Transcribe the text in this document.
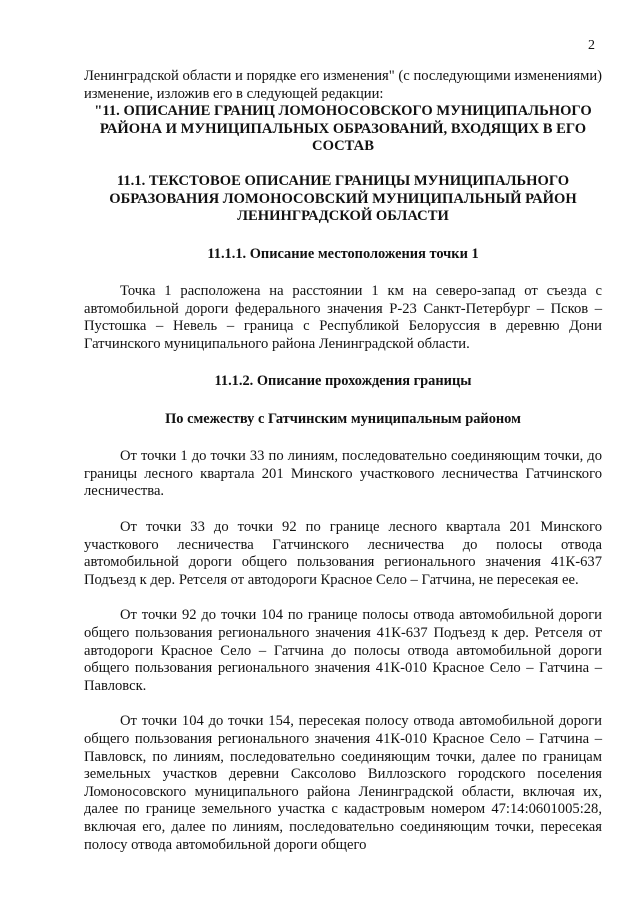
2

Ленинградской области и порядке его изменения" (с последующими изменениями) изменение, изложив его в следующей редакции:

"11. ОПИСАНИЕ ГРАНИЦ ЛОМОНОСОВСКОГО МУНИЦИПАЛЬНОГО РАЙОНА И МУНИЦИПАЛЬНЫХ ОБРАЗОВАНИЙ, ВХОДЯЩИХ В ЕГО СОСТАВ

11.1. ТЕКСТОВОЕ ОПИСАНИЕ ГРАНИЦЫ МУНИЦИПАЛЬНОГО ОБРАЗОВАНИЯ ЛОМОНОСОВСКИЙ МУНИЦИПАЛЬНЫЙ РАЙОН ЛЕНИНГРАДСКОЙ ОБЛАСТИ

11.1.1. Описание местоположения точки 1

Точка 1 расположена на расстоянии 1 км на северо-запад от съезда с автомобильной дороги федерального значения Р-23 Санкт-Петербург – Псков – Пустошка – Невель – граница с Республикой Белоруссия в деревню Дони Гатчинского муниципального района Ленинградской области.

11.1.2. Описание прохождения границы

По смежеству с Гатчинским муниципальным районом

От точки 1 до точки 33 по линиям, последовательно соединяющим точки, до границы лесного квартала 201 Минского участкового лесничества Гатчинского лесничества.

От точки 33 до точки 92 по границе лесного квартала 201 Минского участкового лесничества Гатчинского лесничества до полосы отвода автомобильной дороги общего пользования регионального значения 41К-637 Подъезд к дер. Ретселя от автодороги Красное Село – Гатчина, не пересекая ее.

От точки 92 до точки 104 по границе полосы отвода автомобильной дороги общего пользования регионального значения 41К-637 Подъезд к дер. Ретселя от автодороги Красное Село – Гатчина до полосы отвода автомобильной дороги общего пользования регионального значения 41К-010 Красное Село – Гатчина – Павловск.

От точки 104 до точки 154, пересекая полосу отвода автомобильной дороги общего пользования регионального значения 41К-010 Красное Село – Гатчина – Павловск, по линиям, последовательно соединяющим точки, далее по границам земельных участков деревни Саксолово Виллозского городского поселения Ломоносовского муниципального района Ленинградской области, включая их, далее по границе земельного участка с кадастровым номером 47:14:0601005:28, включая его, далее по линиям, последовательно соединяющим точки, пересекая полосу отвода автомобильной дороги общего
